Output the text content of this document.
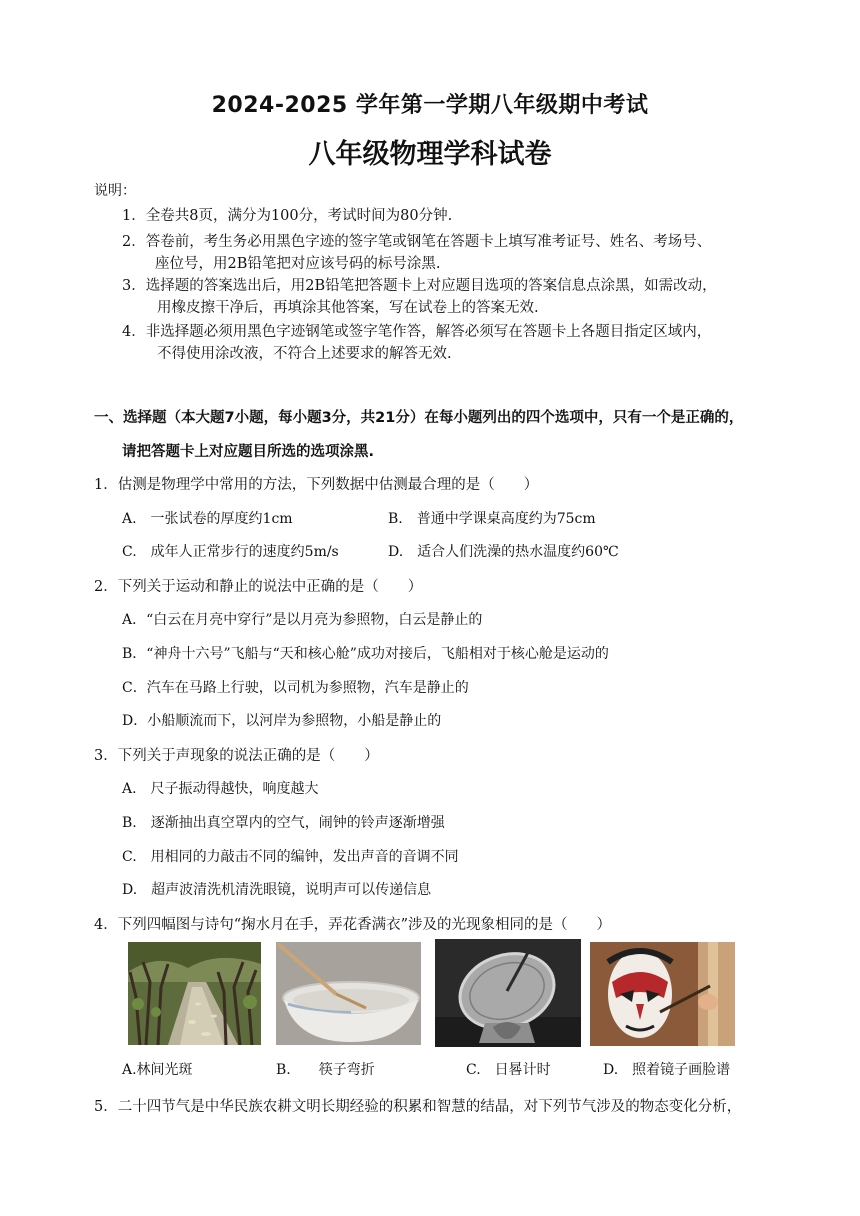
2024-2025 学年第一学期八年级期中考试
八年级物理学科试卷
说明：
1．全卷共8页，满分为100分，考试时间为80分钟.
2．答卷前，考生务必用黑色字迹的签字笔或钢笔在答题卡上填写准考证号、姓名、考场号、
座位号，用2B铅笔把对应该号码的标号涂黑.
3．选择题的答案选出后，用2B铅笔把答题卡上对应题目选项的答案信息点涂黑，如需改动，
用橡皮擦干净后，再填涂其他答案，写在试卷上的答案无效.
4．非选择题必须用黑色字迹钢笔或签字笔作答，解答必须写在答题卡上各题目指定区域内，
不得使用涂改液，不符合上述要求的解答无效.
一、选择题（本大题7小题，每小题3分，共21分）在每小题列出的四个选项中，只有一个是正确的，
请把答题卡上对应题目所选的选项涂黑.
1．估测是物理学中常用的方法，下列数据中估测最合理的是（　　）
A.　一张试卷的厚度约1cm	B.　普通中学课桌高度约为75cm
C.　成年人正常步行的速度约5m/s	D.　适合人们洗澡的热水温度约60℃
2．下列关于运动和静止的说法中正确的是（　　）
A．“白云在月亮中穿行”是以月亮为参照物，白云是静止的
B．“神舟十六号”飞船与“天和核心舱”成功对接后，飞船相对于核心舱是运动的
C．汽车在马路上行驶，以司机为参照物，汽车是静止的
D．小船顺流而下，以河岸为参照物，小船是静止的
3．下列关于声现象的说法正确的是（　　）
A.　尺子振动得越快，响度越大
B.　逐渐抽出真空罩内的空气，闹钟的铃声逐渐增强
C.　用相同的力敲击不同的编钟，发出声音的音调不同
D.　超声波清洗机清洗眼镜，说明声可以传递信息
4．下列四幅图与诗句“掬水月在手，弄花香满衣”涉及的光现象相同的是（　　）
A.林间光斑	B.　　筷子弯折	C.　日晷计时	D.　照着镜子画脸谱
5．二十四节气是中华民族农耕文明长期经验的积累和智慧的结晶，对下列节气涉及的物态变化分析，
